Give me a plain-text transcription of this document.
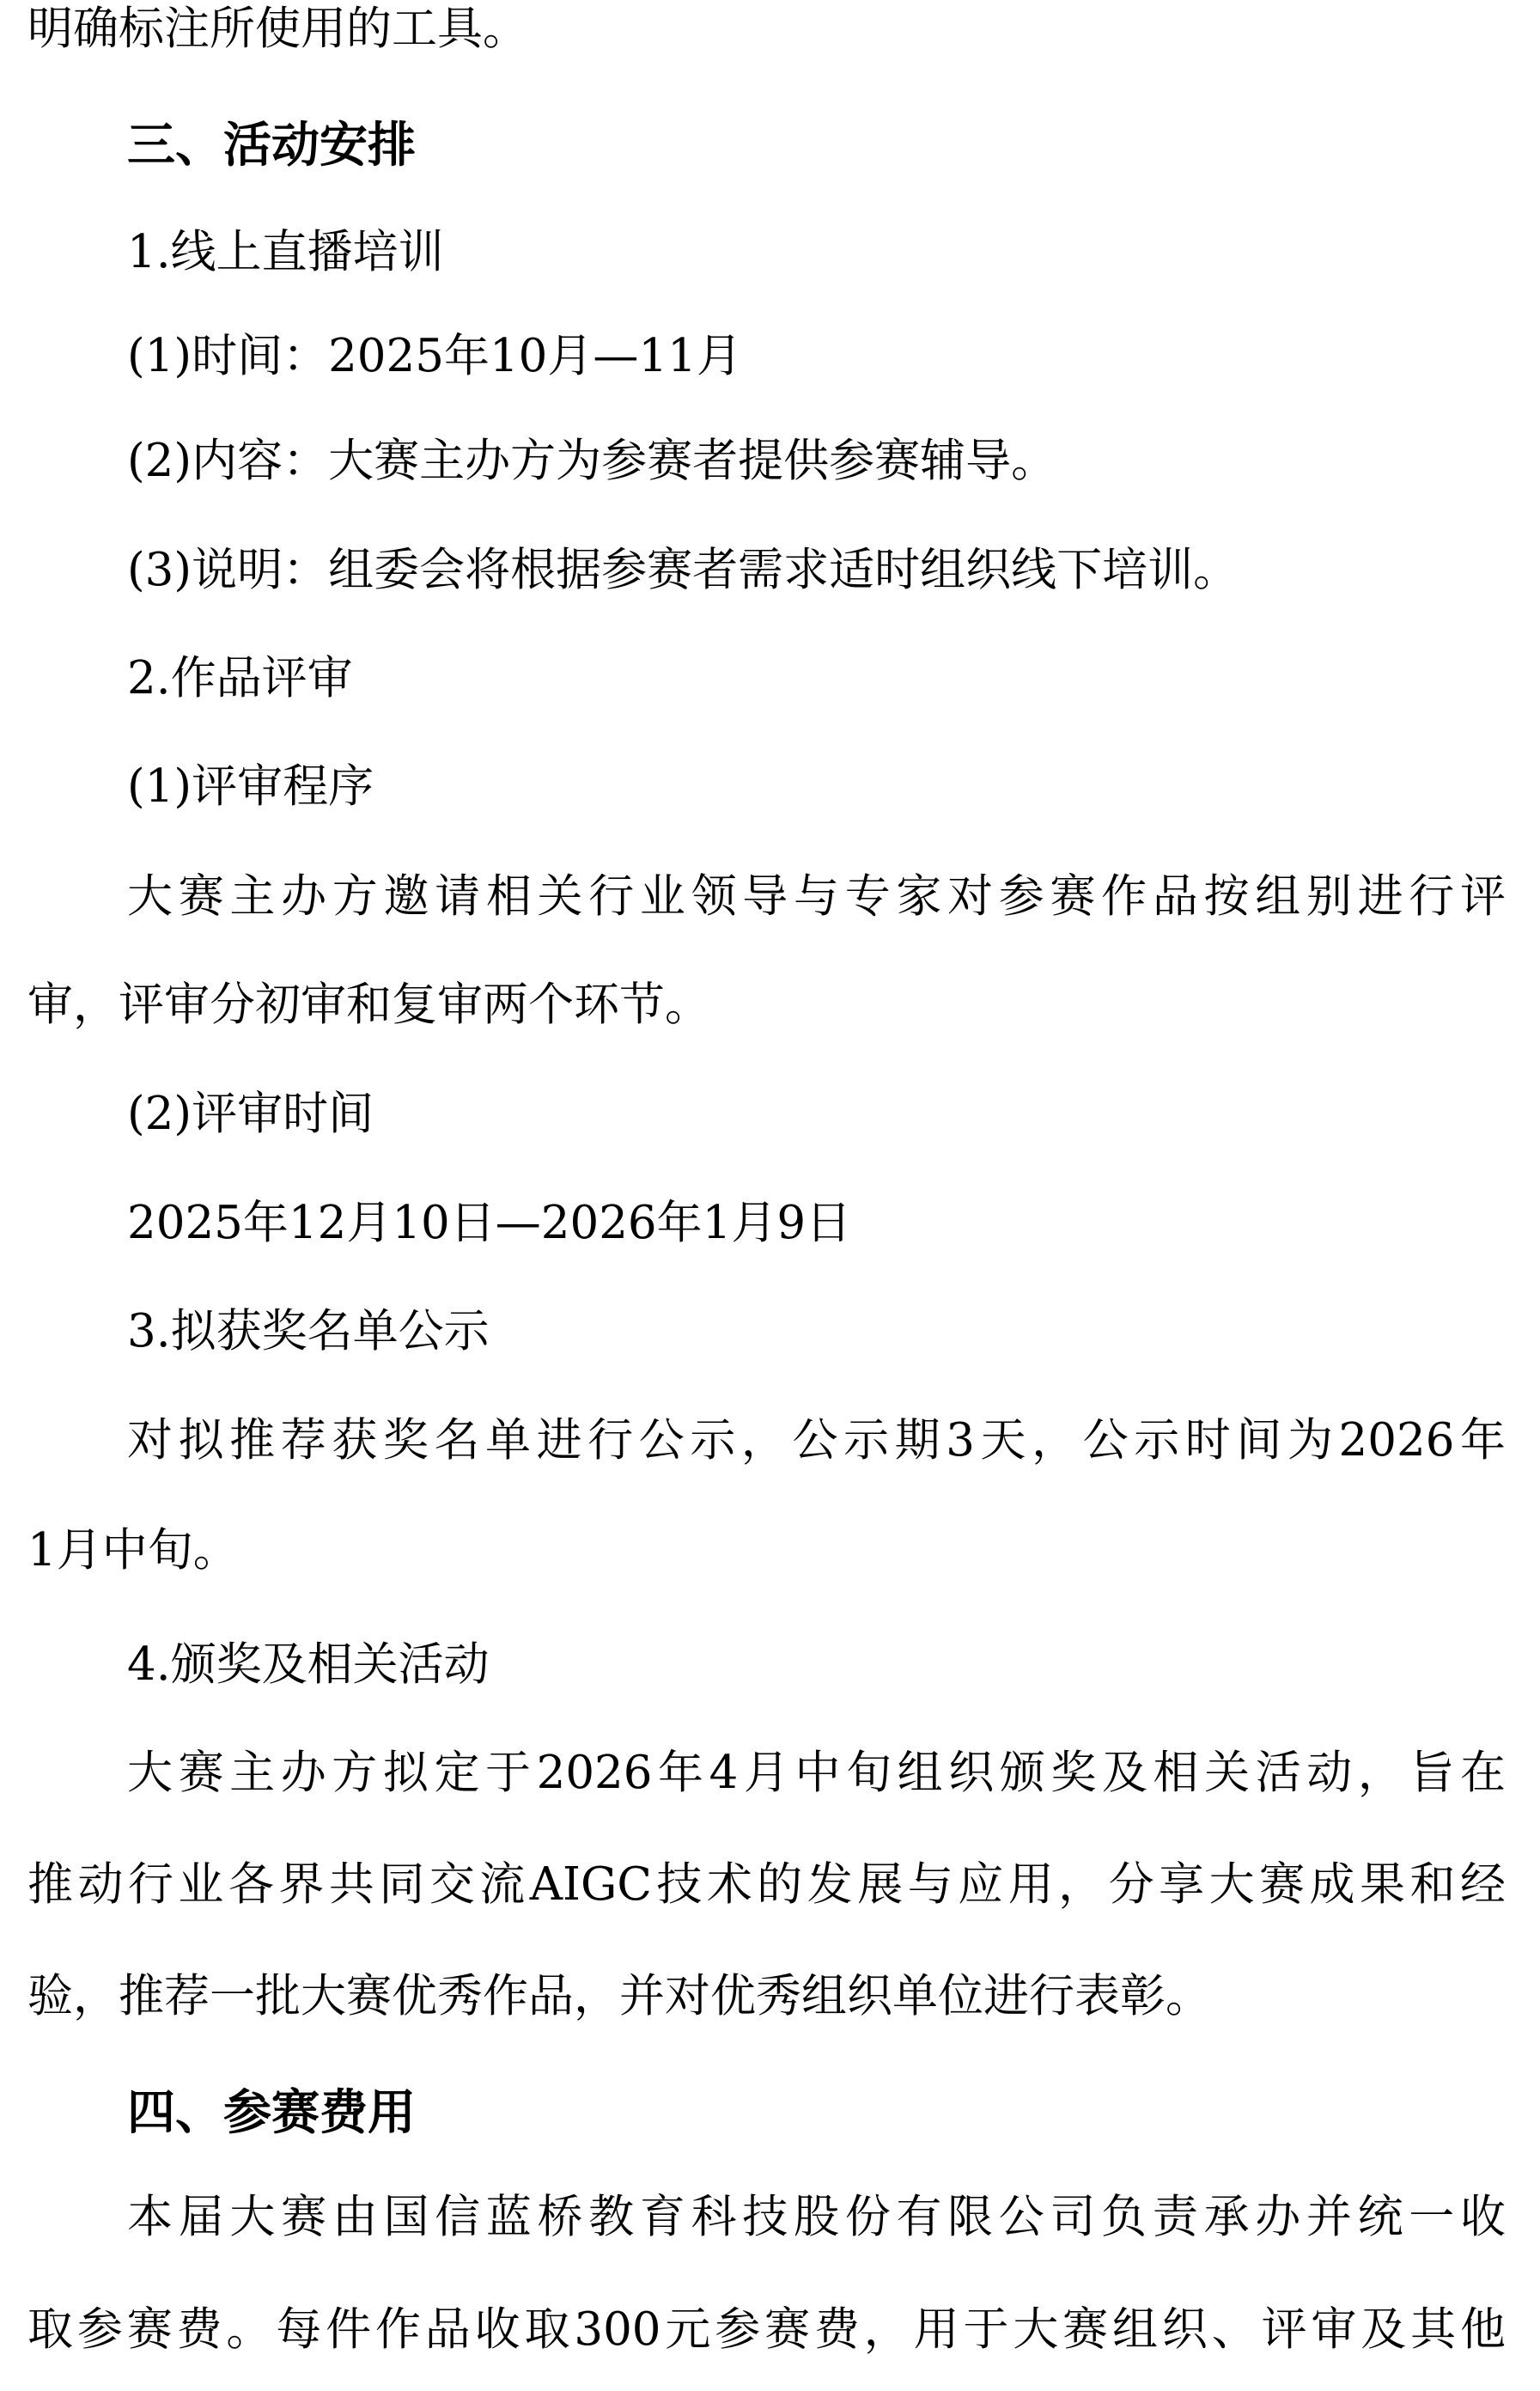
明确标注所使用的工具。
三、活动安排
1.线上直播培训
(1)时间：2025年10月—11月
(2)内容：大赛主办方为参赛者提供参赛辅导。
(3)说明：组委会将根据参赛者需求适时组织线下培训。
2.作品评审
(1)评审程序
大赛主办方邀请相关行业领导与专家对参赛作品按组别进行评
审，评审分初审和复审两个环节。
(2)评审时间
2025年12月10日—2026年1月9日
3.拟获奖名单公示
对拟推荐获奖名单进行公示，公示期3天，公示时间为2026年
1月中旬。
4.颁奖及相关活动
大赛主办方拟定于2026年4月中旬组织颁奖及相关活动，旨在
推动行业各界共同交流AIGC技术的发展与应用，分享大赛成果和经
验，推荐一批大赛优秀作品，并对优秀组织单位进行表彰。
四、参赛费用
本届大赛由国信蓝桥教育科技股份有限公司负责承办并统一收
取参赛费。每件作品收取300元参赛费，用于大赛组织、评审及其他
